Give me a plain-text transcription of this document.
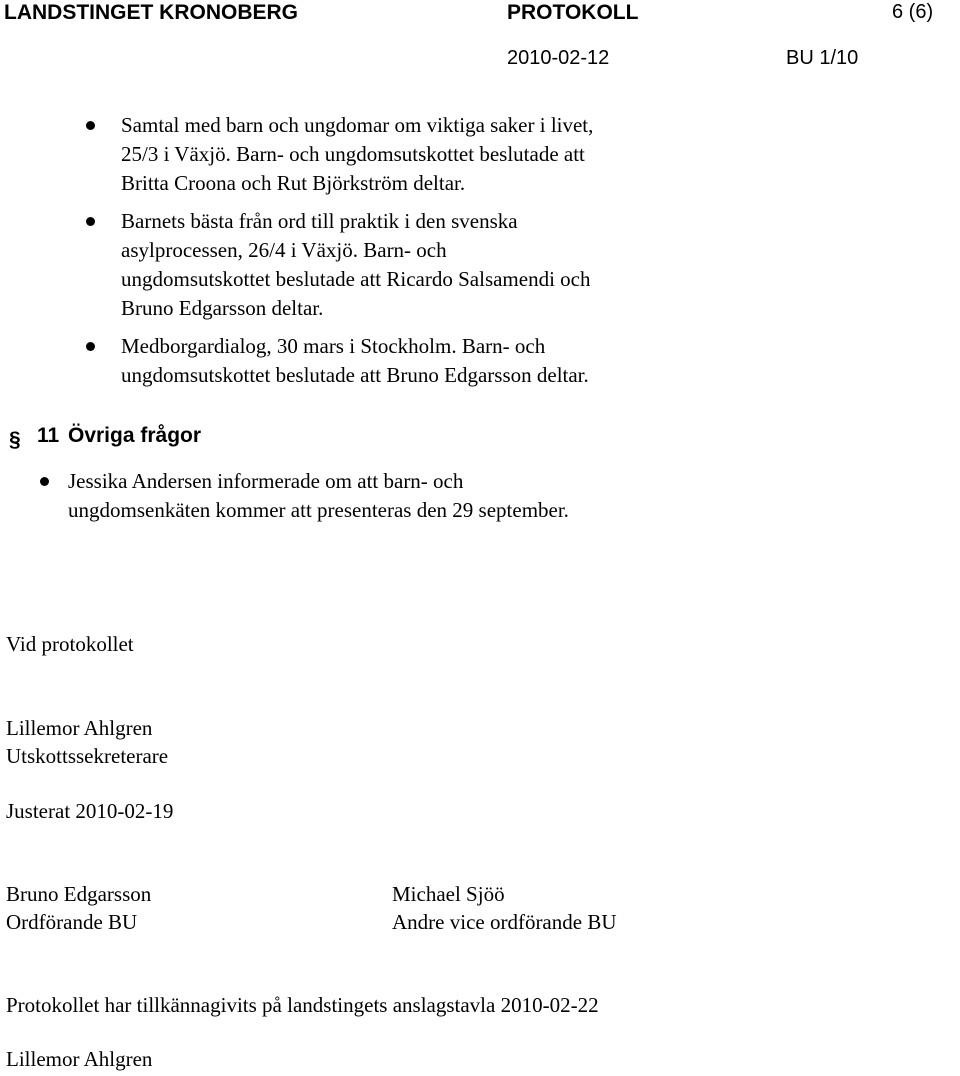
LANDSTINGET KRONOBERG	PROTOKOLL	6 (6)
2010-02-12	BU 1/10
Samtal med barn och ungdomar om viktiga saker i livet,
25/3 i Växjö. Barn- och ungdomsutskottet beslutade att
Britta Croona och Rut Björkström deltar.
Barnets bästa från ord till praktik i den svenska
asylprocessen, 26/4 i Växjö. Barn- och
ungdomsutskottet beslutade att Ricardo Salsamendi och
Bruno Edgarsson deltar.
Medborgardialog, 30 mars i Stockholm. Barn- och
ungdomsutskottet beslutade att Bruno Edgarsson deltar.
§ 11 Övriga frågor
Jessika Andersen informerade om att barn- och
ungdomsenkäten kommer att presenteras den 29 september.
Vid protokollet
Lillemor Ahlgren
Utskottssekreterare
Justerat 2010-02-19
Bruno Edgarsson
Ordförande BU
Michael Sjöö
Andre vice ordförande BU
Protokollet har tillkännagivits på landstingets anslagstavla 2010-02-22
Lillemor Ahlgren
